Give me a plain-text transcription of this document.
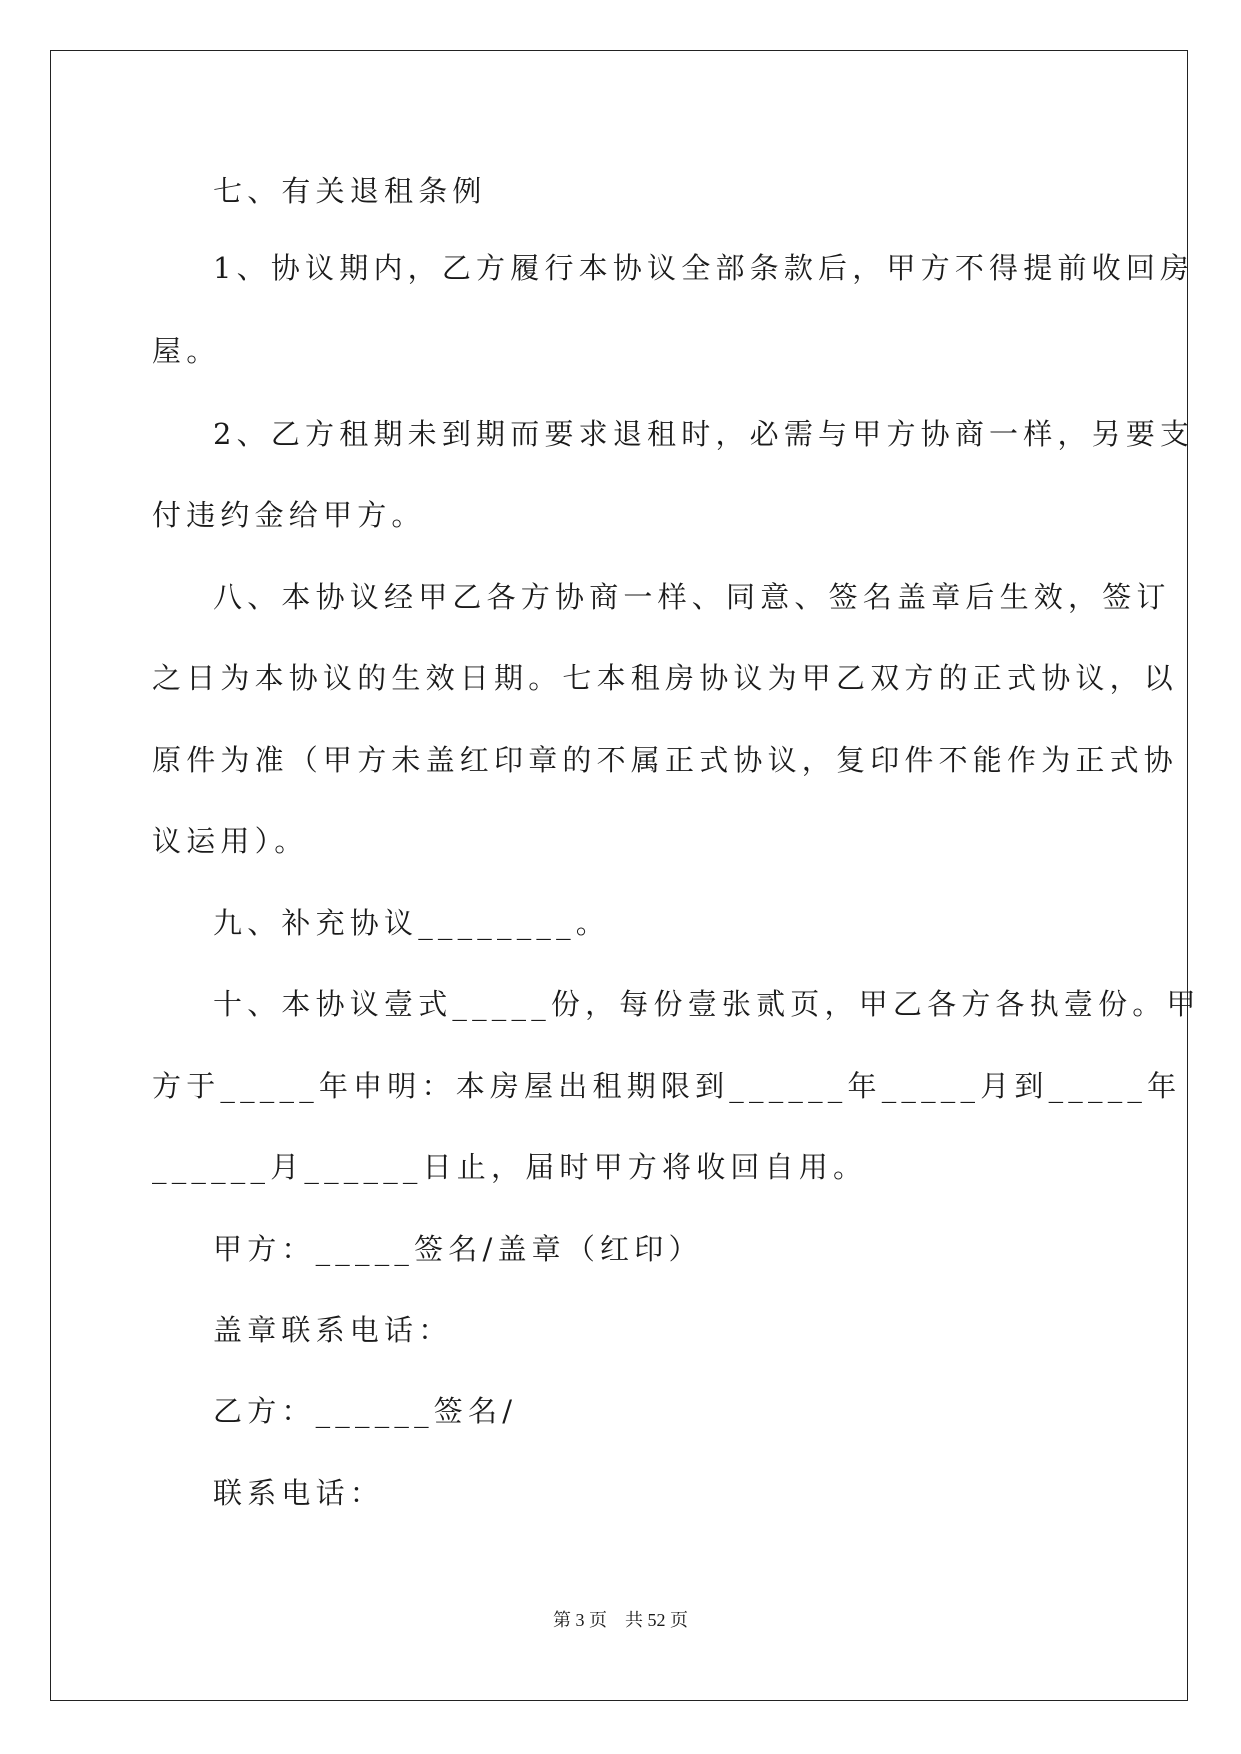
七、有关退租条例
1、协议期内，乙方履行本协议全部条款后，甲方不得提前收回房
屋。
2、乙方租期未到期而要求退租时，必需与甲方协商一样，另要支
付违约金给甲方。
八、本协议经甲乙各方协商一样、同意、签名盖章后生效，签订
之日为本协议的生效日期。七本租房协议为甲乙双方的正式协议，以
原件为准（甲方未盖红印章的不属正式协议，复印件不能作为正式协
议运用）。
九、补充协议________。
十、本协议壹式_____份，每份壹张贰页，甲乙各方各执壹份。甲
方于_____年申明：本房屋出租期限到______年_____月到_____年
______月______日止，届时甲方将收回自用。
甲方：_____签名/盖章（红印）
盖章联系电话：
乙方：______签名/
联系电话：
第 3 页　共 52 页
